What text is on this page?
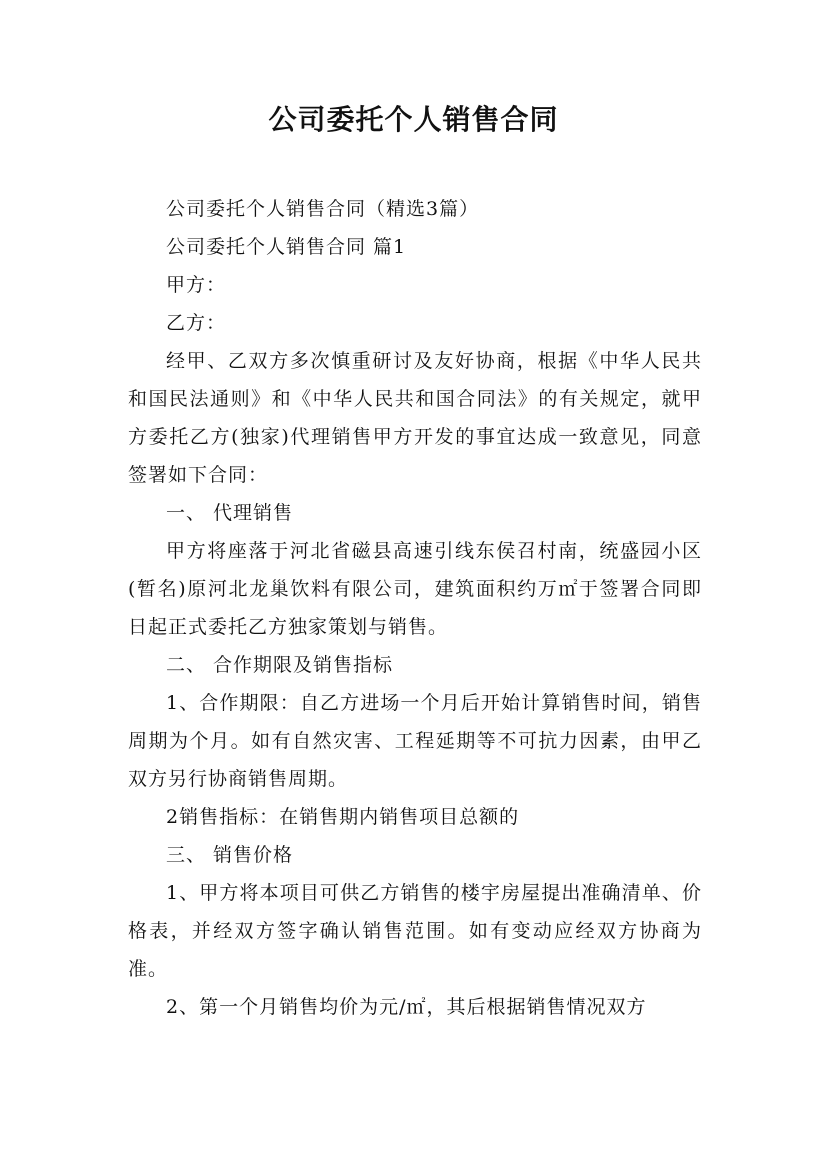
公司委托个人销售合同

公司委托个人销售合同（精选3篇）

公司委托个人销售合同 篇1

甲方：

乙方：

经甲、乙双方多次慎重研讨及友好协商，根据《中华人民共和国民法通则》和《中华人民共和国合同法》的有关规定，就甲方委托乙方(独家)代理销售甲方开发的事宜达成一致意见，同意签署如下合同：

一、 代理销售

甲方将座落于河北省磁县高速引线东侯召村南，统盛园小区(暂名)原河北龙巢饮料有限公司，建筑面积约万㎡于签署合同即日起正式委托乙方独家策划与销售。

二、 合作期限及销售指标

1、合作期限：自乙方进场一个月后开始计算销售时间，销售周期为个月。如有自然灾害、工程延期等不可抗力因素，由甲乙双方另行协商销售周期。

2销售指标：在销售期内销售项目总额的

三、 销售价格

1、甲方将本项目可供乙方销售的楼宇房屋提出准确清单、价格表，并经双方签字确认销售范围。如有变动应经双方协商为准。

2、第一个月销售均价为元/㎡，其后根据销售情况双方
